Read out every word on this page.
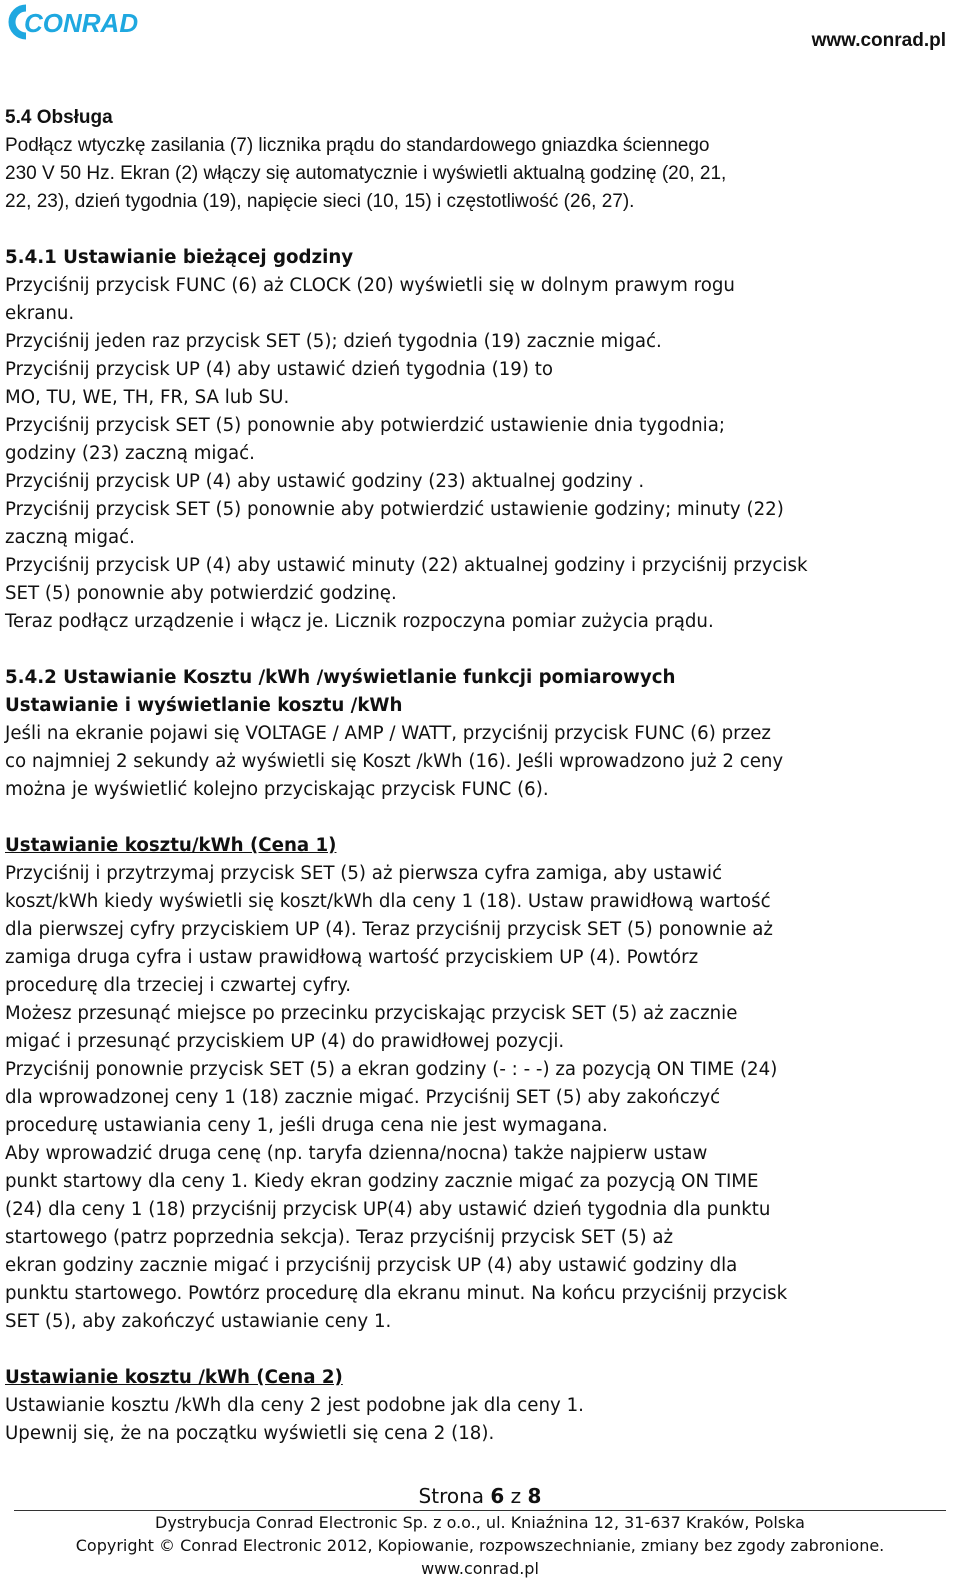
CONRAD
www.conrad.pl
5.4 Obsługa
Podłącz wtyczkę zasilania (7) licznika prądu do standardowego gniazdka ściennego
230 V 50 Hz. Ekran (2) włączy się automatycznie i wyświetli aktualną godzinę (20, 21,
22, 23), dzień tygodnia (19), napięcie sieci (10, 15) i częstotliwość (26, 27).
5.4.1 Ustawianie bieżącej godziny
Przyciśnij przycisk FUNC (6) aż CLOCK (20) wyświetli się w dolnym prawym rogu
ekranu.
Przyciśnij jeden raz przycisk SET (5); dzień tygodnia (19) zacznie migać.
Przyciśnij przycisk UP (4) aby ustawić dzień tygodnia (19) to
MO, TU, WE, TH, FR, SA lub SU.
Przyciśnij przycisk SET (5) ponownie aby potwierdzić ustawienie dnia tygodnia;
godziny (23) zaczną migać.
Przyciśnij przycisk UP (4) aby ustawić godziny (23) aktualnej godziny .
Przyciśnij przycisk SET (5) ponownie aby potwierdzić ustawienie godziny; minuty (22)
zaczną migać.
Przyciśnij przycisk UP (4) aby ustawić minuty (22) aktualnej godziny i przyciśnij przycisk
SET (5) ponownie aby potwierdzić godzinę.
Teraz podłącz urządzenie i włącz je. Licznik rozpoczyna pomiar zużycia prądu.
5.4.2 Ustawianie Kosztu /kWh /wyświetlanie funkcji pomiarowych
Ustawianie i wyświetlanie kosztu /kWh
Jeśli na ekranie pojawi się VOLTAGE / AMP / WATT, przyciśnij przycisk FUNC (6) przez
co najmniej 2 sekundy aż wyświetli się Koszt /kWh (16). Jeśli wprowadzono już 2 ceny
można je wyświetlić kolejno przyciskając przycisk FUNC (6).
Ustawianie kosztu/kWh (Cena 1)
Przyciśnij i przytrzymaj przycisk SET (5) aż pierwsza cyfra zamiga, aby ustawić
koszt/kWh kiedy wyświetli się koszt/kWh dla ceny 1 (18). Ustaw prawidłową wartość
dla pierwszej cyfry przyciskiem UP (4). Teraz przyciśnij przycisk SET (5) ponownie aż
zamiga druga cyfra i ustaw prawidłową wartość przyciskiem UP (4). Powtórz
procedurę dla trzeciej i czwartej cyfry.
Możesz przesunąć miejsce po przecinku przyciskając przycisk SET (5) aż zacznie
migać i przesunąć przyciskiem UP (4) do prawidłowej pozycji.
Przyciśnij ponownie przycisk SET (5) a ekran godziny (- : - -) za pozycją ON TIME (24)
dla wprowadzonej ceny 1 (18) zacznie migać. Przyciśnij SET (5) aby zakończyć
procedurę ustawiania ceny 1, jeśli druga cena nie jest wymagana.
Aby wprowadzić druga cenę (np. taryfa dzienna/nocna) także najpierw ustaw
punkt startowy dla ceny 1. Kiedy ekran godziny zacznie migać za pozycją ON TIME
(24) dla ceny 1 (18) przyciśnij przycisk UP(4) aby ustawić dzień tygodnia dla punktu
startowego (patrz poprzednia sekcja). Teraz przyciśnij przycisk SET (5) aż
ekran godziny zacznie migać i przyciśnij przycisk UP (4) aby ustawić godziny dla
punktu startowego. Powtórz procedurę dla ekranu minut. Na końcu przyciśnij przycisk
SET (5), aby zakończyć ustawianie ceny 1.
Ustawianie kosztu /kWh (Cena 2)
Ustawianie kosztu /kWh dla ceny 2 jest podobne jak dla ceny 1.
Upewnij się, że na początku wyświetli się cena 2 (18).
Strona 6 z 8
Dystrybucja Conrad Electronic Sp. z o.o., ul. Kniaźnina 12, 31-637 Kraków, Polska
Copyright © Conrad Electronic 2012, Kopiowanie, rozpowszechnianie, zmiany bez zgody zabronione.
www.conrad.pl
